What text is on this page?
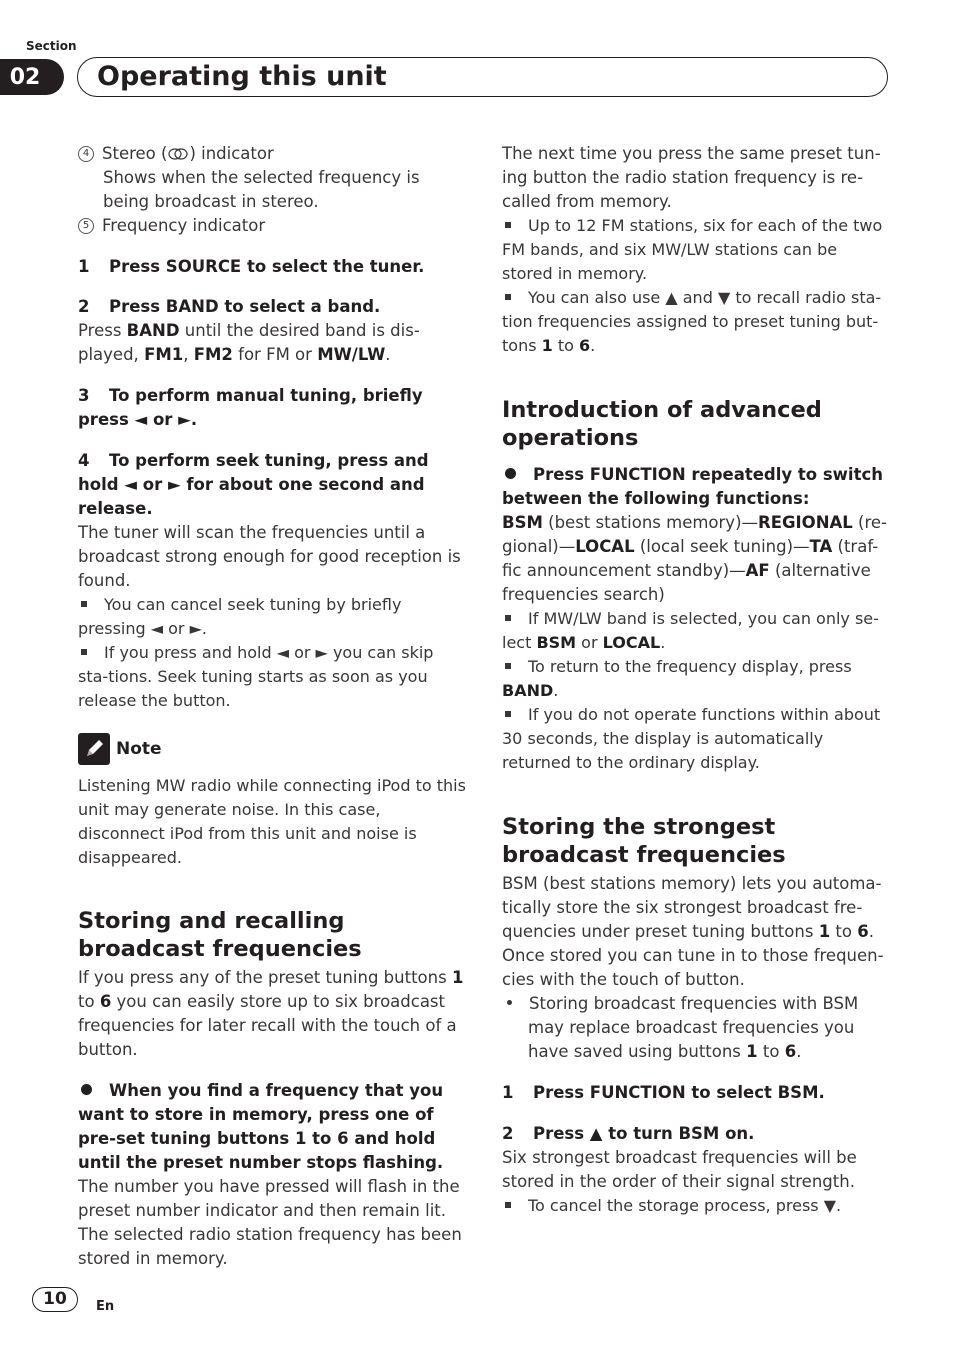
Section
02	Operating this unit
4 Stereo ( ) indicator
Shows when the selected frequency is being broadcast in stereo.
5 Frequency indicator
1 Press SOURCE to select the tuner.
2 Press BAND to select a band.
Press BAND until the desired band is dis-played, FM1, FM2 for FM or MW/LW.
3 To perform manual tuning, briefly press ◄ or ►.
4 To perform seek tuning, press and hold ◄ or ► for about one second and release.
The tuner will scan the frequencies until a broadcast strong enough for good reception is found.
You can cancel seek tuning by briefly pressing ◄ or ►.
If you press and hold ◄ or ► you can skip sta-tions. Seek tuning starts as soon as you release the button.
Note
Listening MW radio while connecting iPod to this unit may generate noise. In this case, disconnect iPod from this unit and noise is disappeared.
Storing and recalling broadcast frequencies
If you press any of the preset tuning buttons 1 to 6 you can easily store up to six broadcast frequencies for later recall with the touch of a button.
When you find a frequency that you want to store in memory, press one of pre-set tuning buttons 1 to 6 and hold until the preset number stops flashing.
The number you have pressed will flash in the preset number indicator and then remain lit. The selected radio station frequency has been stored in memory.
The next time you press the same preset tun-ing button the radio station frequency is re-called from memory.
Up to 12 FM stations, six for each of the two FM bands, and six MW/LW stations can be stored in memory.
You can also use ▲ and ▼ to recall radio sta-tion frequencies assigned to preset tuning but-tons 1 to 6.
Introduction of advanced operations
Press FUNCTION repeatedly to switch between the following functions:
BSM (best stations memory)—REGIONAL (re-gional)—LOCAL (local seek tuning)—TA (traf-fic announcement standby)—AF (alternative frequencies search)
If MW/LW band is selected, you can only se-lect BSM or LOCAL.
To return to the frequency display, press BAND.
If you do not operate functions within about 30 seconds, the display is automatically returned to the ordinary display.
Storing the strongest broadcast frequencies
BSM (best stations memory) lets you automa-tically store the six strongest broadcast fre-quencies under preset tuning buttons 1 to 6. Once stored you can tune in to those frequen-cies with the touch of button.
Storing broadcast frequencies with BSM may replace broadcast frequencies you have saved using buttons 1 to 6.
1 Press FUNCTION to select BSM.
2 Press ▲ to turn BSM on.
Six strongest broadcast frequencies will be stored in the order of their signal strength.
To cancel the storage process, press ▼.
10	En
